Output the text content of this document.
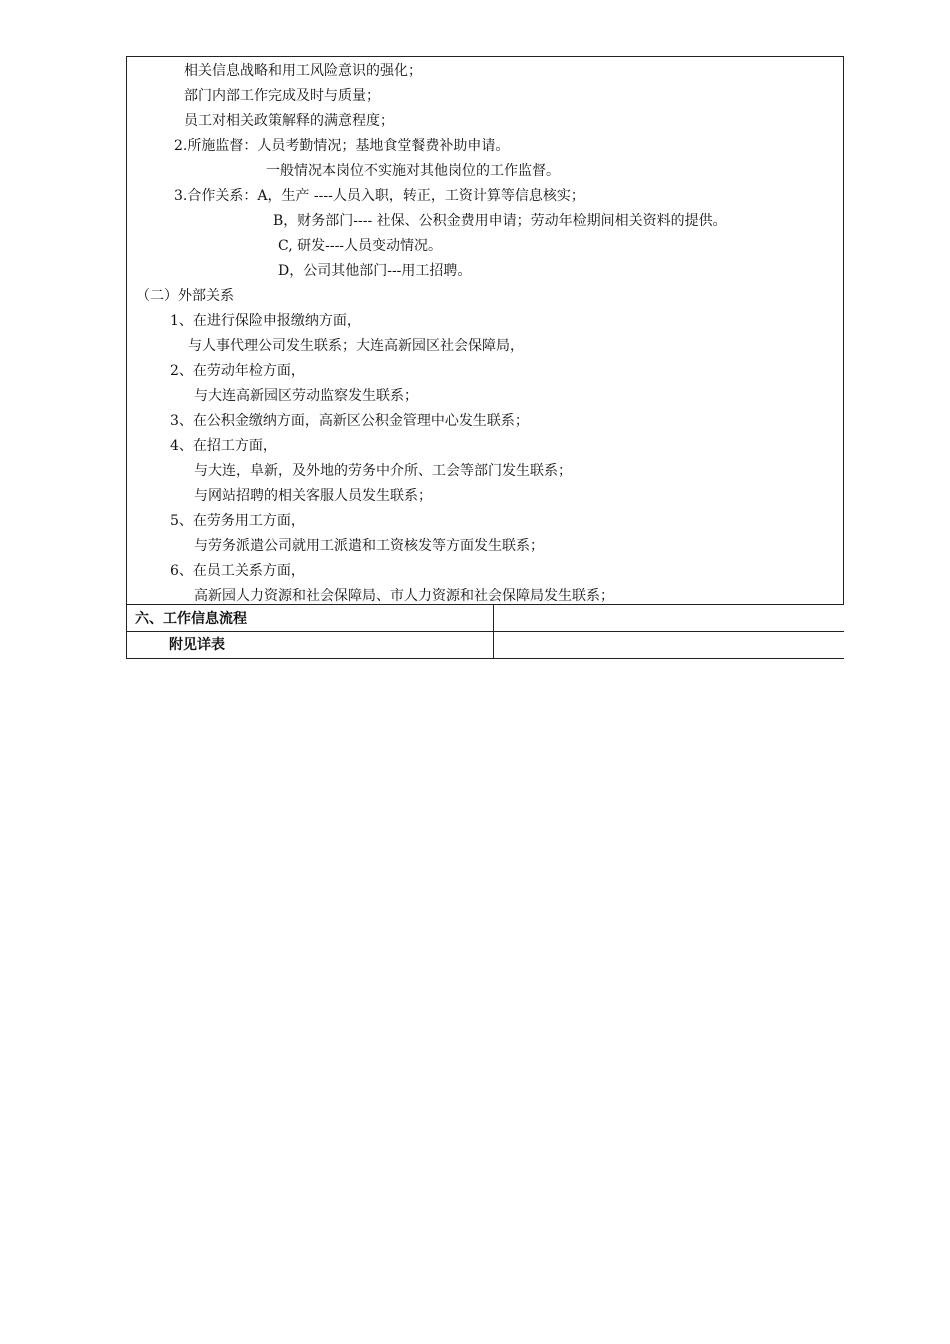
相关信息战略和用工风险意识的强化；
部门内部工作完成及时与质量；
员工对相关政策解释的满意程度；
2.所施监督：人员考勤情况；基地食堂餐费补助申请。
一般情况本岗位不实施对其他岗位的工作监督。
3.合作关系：A，生产 ----人员入职，转正，工资计算等信息核实；
B，财务部门---- 社保、公积金费用申请；劳动年检期间相关资料的提供。
C, 研发----人员变动情况。
D，公司其他部门---用工招聘。
（二）外部关系
1、在进行保险申报缴纳方面，
与人事代理公司发生联系；大连高新园区社会保障局，
2、在劳动年检方面，
与大连高新园区劳动监察发生联系；
3、在公积金缴纳方面，高新区公积金管理中心发生联系；
4、在招工方面，
与大连，阜新，及外地的劳务中介所、工会等部门发生联系；
与网站招聘的相关客服人员发生联系；
5、在劳务用工方面，
与劳务派遣公司就用工派遣和工资核发等方面发生联系；
6、在员工关系方面，
高新园人力资源和社会保障局、市人力资源和社会保障局发生联系；
六、工作信息流程
附见详表
